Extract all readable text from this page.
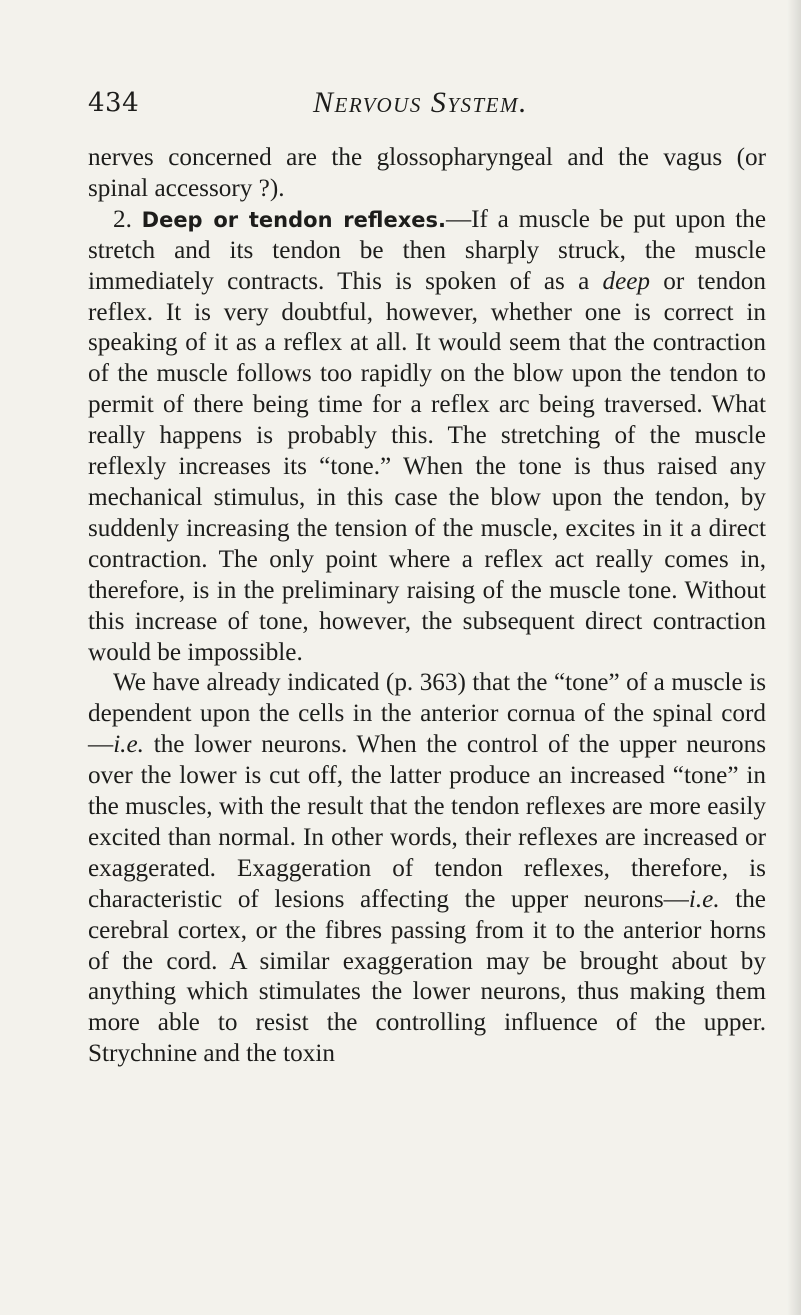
434	Nervous System.

nerves concerned are the glossopharyngeal and the vagus (or spinal accessory ?).

2. Deep or tendon reflexes.—If a muscle be put upon the stretch and its tendon be then sharply struck, the muscle immediately contracts. This is spoken of as a deep or tendon reflex. It is very doubtful, however, whether one is correct in speaking of it as a reflex at all. It would seem that the contraction of the muscle follows too rapidly on the blow upon the tendon to permit of there being time for a reflex arc being traversed. What really happens is probably this. The stretching of the muscle reflexly increases its “tone.” When the tone is thus raised any mechanical stimulus, in this case the blow upon the tendon, by suddenly increasing the tension of the muscle, excites in it a direct contraction. The only point where a reflex act really comes in, therefore, is in the preliminary raising of the muscle tone. Without this increase of tone, however, the subsequent direct contraction would be impossible.

We have already indicated (p. 363) that the “tone” of a muscle is dependent upon the cells in the anterior cornua of the spinal cord—i.e. the lower neurons. When the control of the upper neurons over the lower is cut off, the latter produce an increased “tone” in the muscles, with the result that the tendon reflexes are more easily excited than normal. In other words, their reflexes are increased or exaggerated. Exaggeration of tendon reflexes, therefore, is characteristic of lesions affecting the upper neurons—i.e. the cerebral cortex, or the fibres passing from it to the anterior horns of the cord. A similar exaggeration may be brought about by anything which stimulates the lower neurons, thus making them more able to resist the controlling influence of the upper. Strychnine and the toxin
